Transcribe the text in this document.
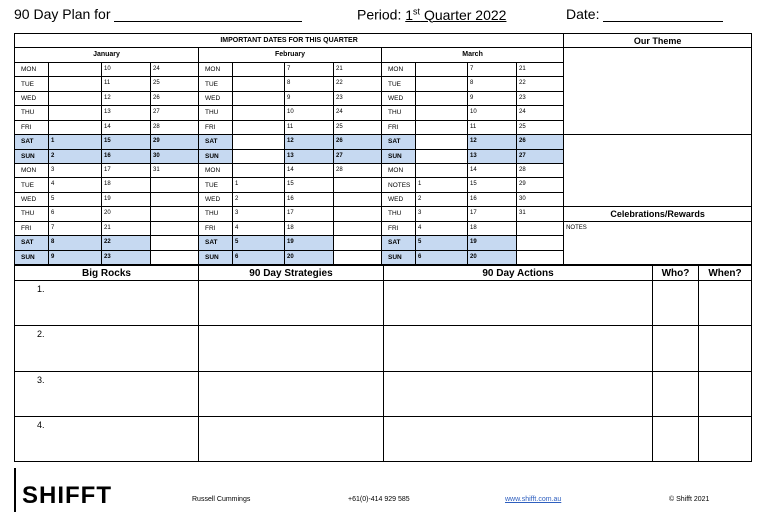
90 Day Plan for	Period: 1st Quarter 2022	Date:
IMPORTANT DATES FOR THIS QUARTER												Our Theme	
January				February				March					
MON		10	24	MON		7	21	MON		7	21		
TUE		11	25	TUE		8	22	TUE		8	22		
WED		12	26	WED		9	23	WED		9	23		
THU		13	27	THU		10	24	THU		10	24		
FRI		14	28	FRI		11	25	FRI		11	25	
SAT	1	15	29	SAT		12	26	SAT		12	26		
SUN	2	16	30	SUN		13	27	SUN		13	27		
MON	3	17	31	MON		14	28	MON		14	28		
TUE	4	18		TUE	1	15		NOTES	1	15	29		
WED	5	19		WED	2	16		WED	2	16	30		
THU	6	20		THU	3	17		THU	3	17	31	Celebrations/Rewards	
FRI	7	21		FRI	4	18		FRI	4	18		NOTES	
SAT	8	22		SAT	5	19		SAT	5	19			
SUN	9	23		SUN	6	20		SUN	6	20			
Big Rocks	90 Day Strategies	90 Day Actions	Who?	When?

1.				

2.				

3.				

4.				

SHIFFT	Russell Cummings	+61(0)-414 929 585	www.shifft.com.au	© Shifft 2021
